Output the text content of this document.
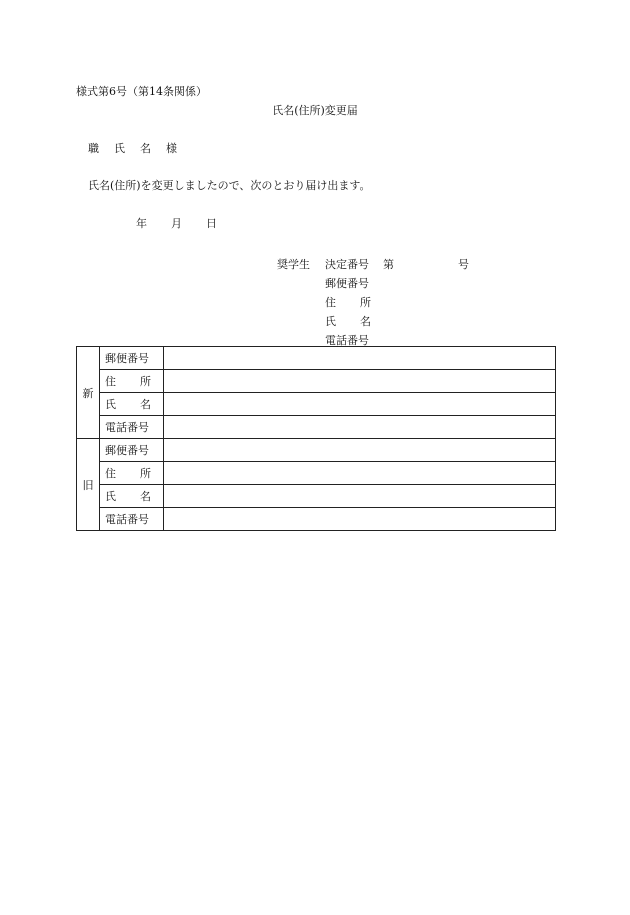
様式第6号（第14条関係）
氏名(住所)変更届
職 氏 名 様
氏名(住所)を変更しましたので、次のとおり届け出ます。
年 月 日
奨学生	決定番号	第	号
郵便番号
住 所
氏 名
電話番号
新	郵便番号	

	住 所	

	氏 名	

	電話番号	
旧	郵便番号	

	住 所	

	氏 名	

	電話番号	
